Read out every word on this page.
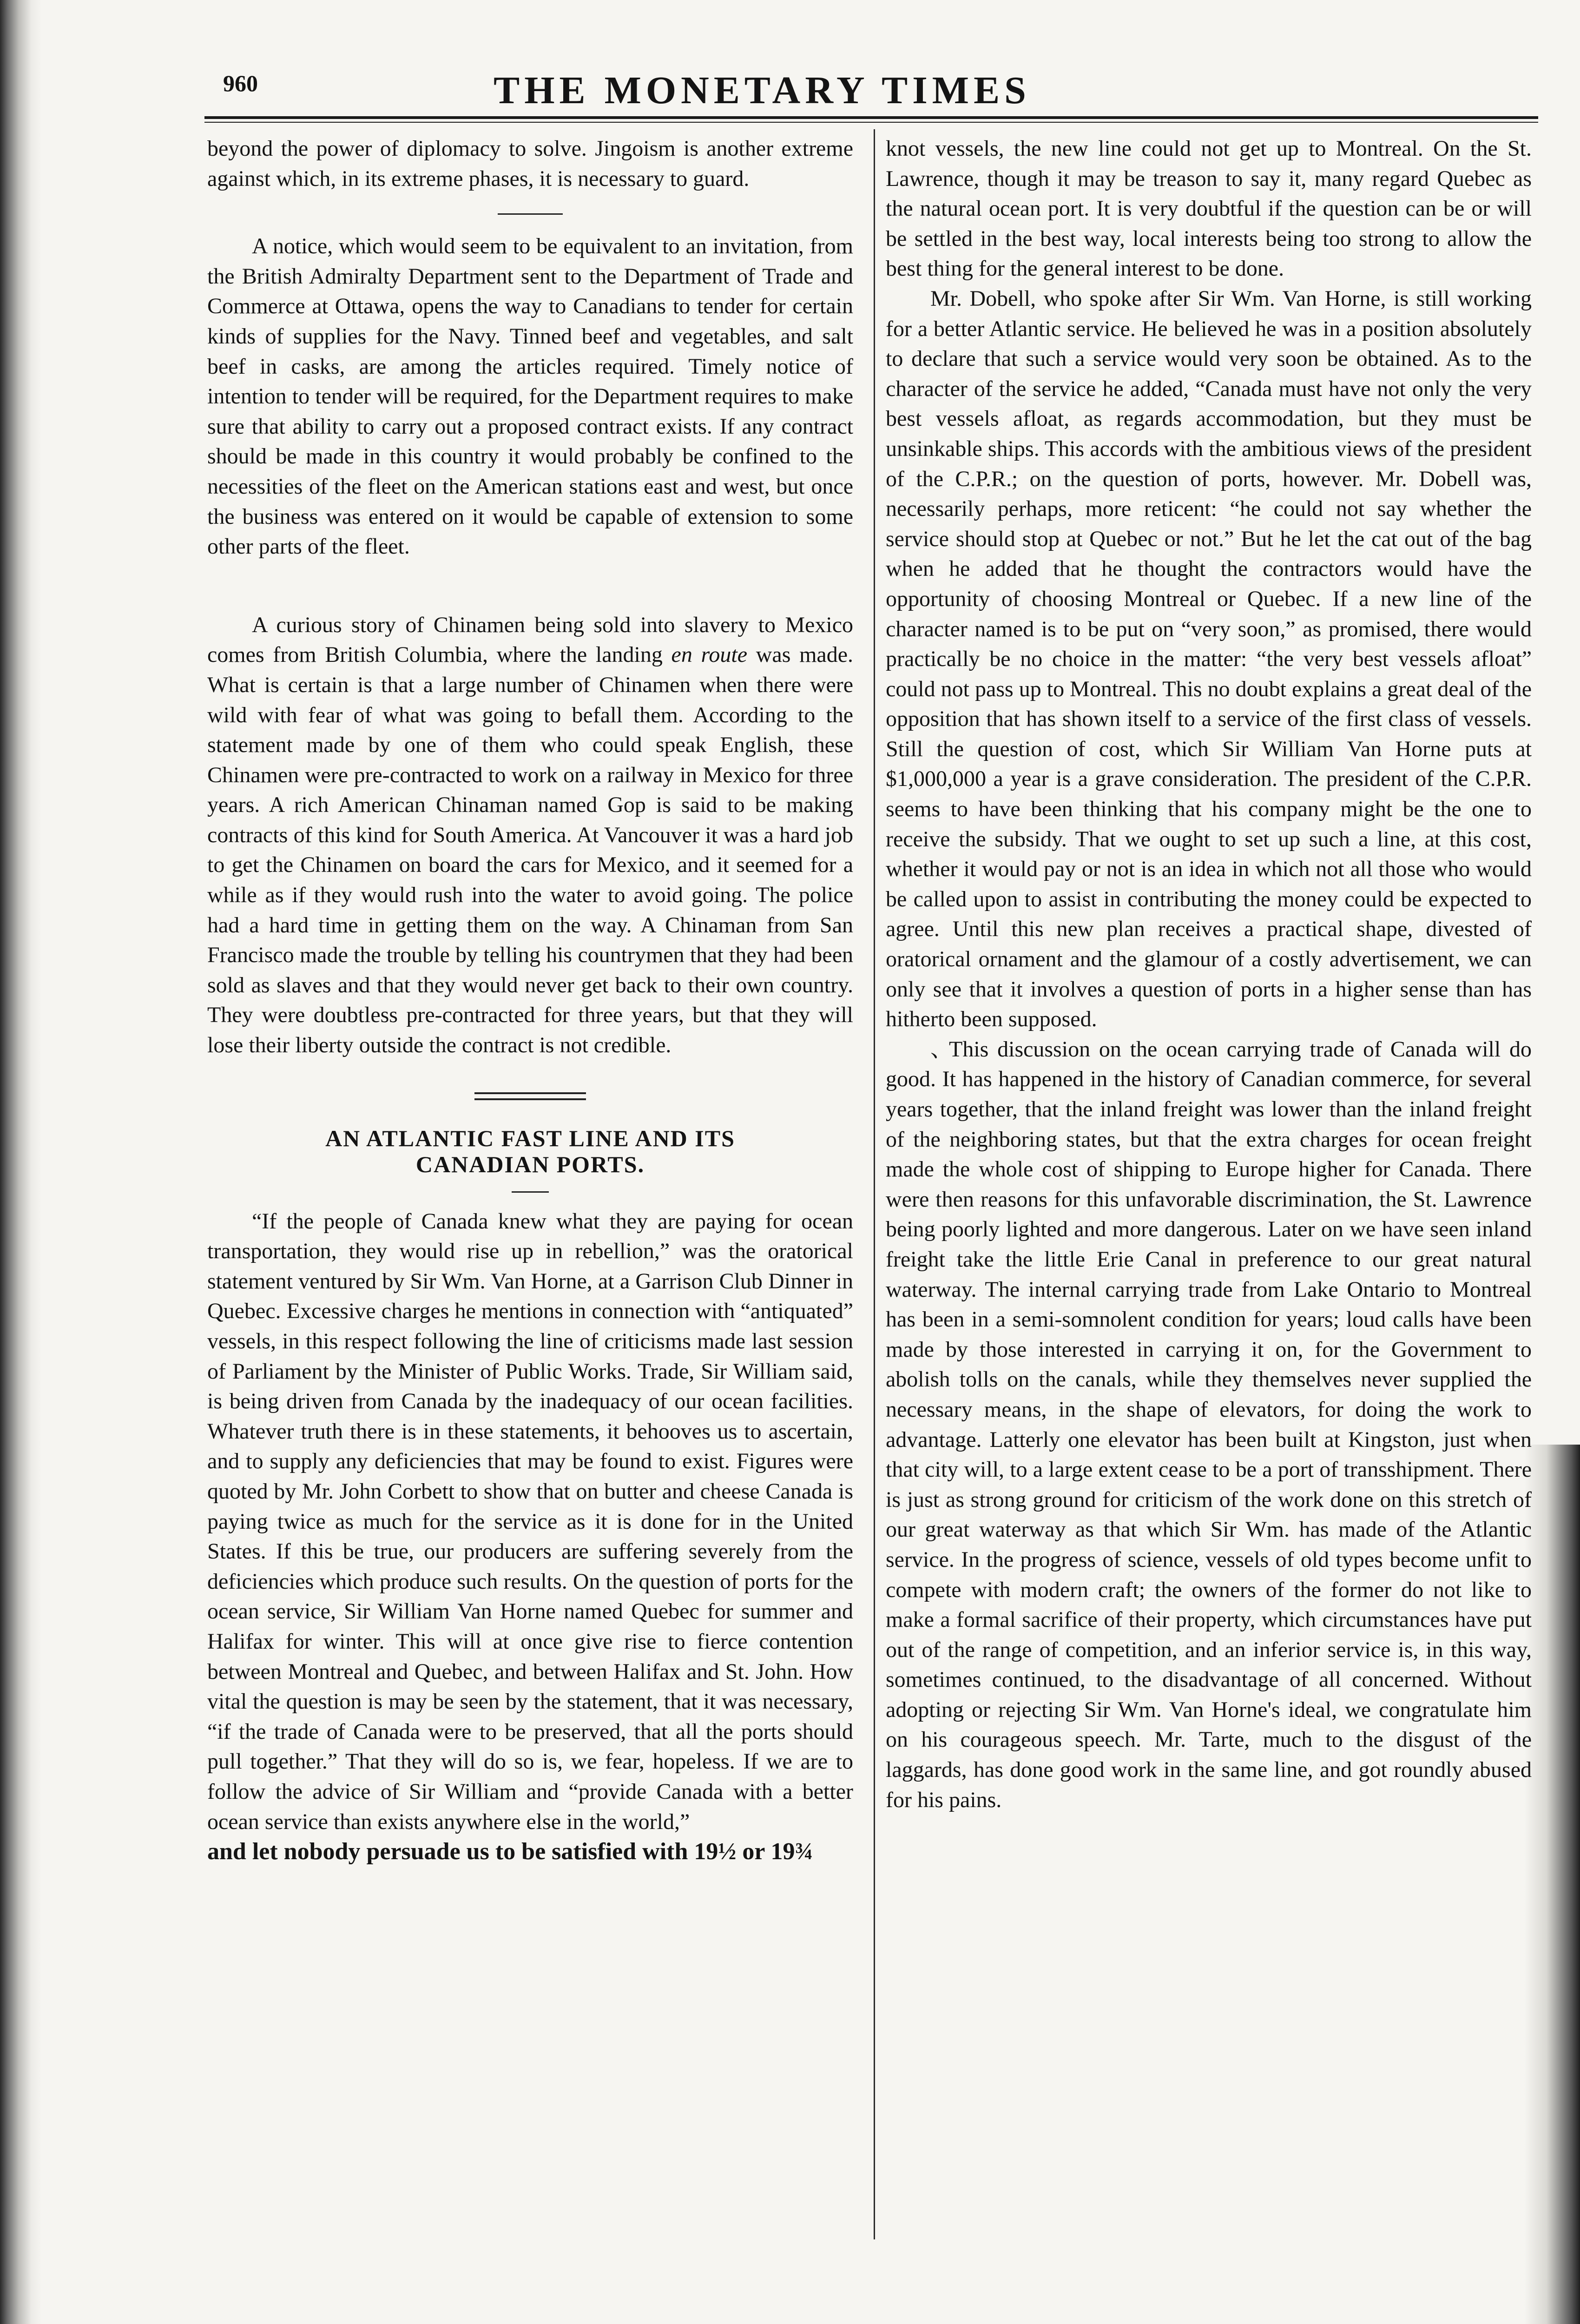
960	THE MONETARY TIMES

beyond the power of diplomacy to solve. Jingoism is another extreme against which, in its extreme phases, it is necessary to guard.

A notice, which would seem to be equivalent to an invitation, from the British Admiralty Department sent to the Department of Trade and Commerce at Ottawa, opens the way to Canadians to tender for certain kinds of supplies for the Navy. Tinned beef and vegetables, and salt beef in casks, are among the articles required. Timely notice of intention to tender will be required, for the Department requires to make sure that ability to carry out a proposed contract exists. If any contract should be made in this country it would probably be confined to the necessities of the fleet on the American stations east and west, but once the business was entered on it would be capable of extension to some other parts of the fleet.

A curious story of Chinamen being sold into slavery to Mexico comes from British Columbia, where the landing en route was made. What is certain is that a large number of Chinamen when there were wild with fear of what was going to befall them. According to the statement made by one of them who could speak English, these Chinamen were pre-contracted to work on a railway in Mexico for three years. A rich American Chinaman named Gop is said to be making contracts of this kind for South America. At Vancouver it was a hard job to get the Chinamen on board the cars for Mexico, and it seemed for a while as if they would rush into the water to avoid going. The police had a hard time in getting them on the way. A Chinaman from San Francisco made the trouble by telling his countrymen that they had been sold as slaves and that they would never get back to their own country. They were doubtless pre-contracted for three years, but that they will lose their liberty outside the contract is not credible.

AN ATLANTIC FAST LINE AND ITS
CANADIAN PORTS.

“If the people of Canada knew what they are paying for ocean transportation, they would rise up in rebellion,” was the oratorical statement ventured by Sir Wm. Van Horne, at a Garrison Club Dinner in Quebec. Excessive charges he mentions in connection with “antiquated” vessels, in this respect following the line of criticisms made last session of Parliament by the Minister of Public Works. Trade, Sir William said, is being driven from Canada by the inadequacy of our ocean facilities. Whatever truth there is in these statements, it behooves us to ascertain, and to supply any deficiencies that may be found to exist. Figures were quoted by Mr. John Corbett to show that on butter and cheese Canada is paying twice as much for the service as it is done for in the United States. If this be true, our producers are suffering severely from the deficiencies which produce such results. On the question of ports for the ocean service, Sir William Van Horne named Quebec for summer and Halifax for winter. This will at once give rise to fierce contention between Montreal and Quebec, and between Halifax and St. John. How vital the question is may be seen by the statement, that it was necessary, “if the trade of Canada were to be preserved, that all the ports should pull together.” That they will do so is, we fear, hopeless. If we are to follow the advice of Sir William and “provide Canada with a better ocean service than exists anywhere else in the world,”

and let nobody persuade us to be satisfied with 19½ or 19¾

knot vessels, the new line could not get up to Montreal. On the St. Lawrence, though it may be treason to say it, many regard Quebec as the natural ocean port. It is very doubtful if the question can be or will be settled in the best way, local interests being too strong to allow the best thing for the general interest to be done.

Mr. Dobell, who spoke after Sir Wm. Van Horne, is still working for a better Atlantic service. He believed he was in a position absolutely to declare that such a service would very soon be obtained. As to the character of the service he added, “Canada must have not only the very best vessels afloat, as regards accommodation, but they must be unsinkable ships. This accords with the ambitious views of the president of the C.P.R.; on the question of ports, however. Mr. Dobell was, necessarily perhaps, more reticent: “he could not say whether the service should stop at Quebec or not.” But he let the cat out of the bag when he added that he thought the contractors would have the opportunity of choosing Montreal or Quebec. If a new line of the character named is to be put on “very soon,” as promised, there would practically be no choice in the matter: “the very best vessels afloat” could not pass up to Montreal. This no doubt explains a great deal of the opposition that has shown itself to a service of the first class of vessels. Still the question of cost, which Sir William Van Horne puts at $1,000,000 a year is a grave consideration. The president of the C.P.R. seems to have been thinking that his company might be the one to receive the subsidy. That we ought to set up such a line, at this cost, whether it would pay or not is an idea in which not all those who would be called upon to assist in contributing the money could be expected to agree. Until this new plan receives a practical shape, divested of oratorical ornament and the glamour of a costly advertisement, we can only see that it involves a question of ports in a higher sense than has hitherto been supposed.

、This discussion on the ocean carrying trade of Canada will do good. It has happened in the history of Canadian commerce, for several years together, that the inland freight was lower than the inland freight of the neighboring states, but that the extra charges for ocean freight made the whole cost of shipping to Europe higher for Canada. There were then reasons for this unfavorable discrimination, the St. Lawrence being poorly lighted and more dangerous. Later on we have seen inland freight take the little Erie Canal in preference to our great natural waterway. The internal carrying trade from Lake Ontario to Montreal has been in a semi-somnolent condition for years; loud calls have been made by those interested in carrying it on, for the Government to abolish tolls on the canals, while they themselves never supplied the necessary means, in the shape of elevators, for doing the work to advantage. Latterly one elevator has been built at Kingston, just when that city will, to a large extent cease to be a port of transshipment. There is just as strong ground for criticism of the work done on this stretch of our great waterway as that which Sir Wm. has made of the Atlantic service. In the progress of science, vessels of old types become unfit to compete with modern craft; the owners of the former do not like to make a formal sacrifice of their property, which circumstances have put out of the range of competition, and an inferior service is, in this way, sometimes continued, to the disadvantage of all concerned. Without adopting or rejecting Sir Wm. Van Horne's ideal, we congratulate him on his courageous speech. Mr. Tarte, much to the disgust of the laggards, has done good work in the same line, and got roundly abused for his pains.
